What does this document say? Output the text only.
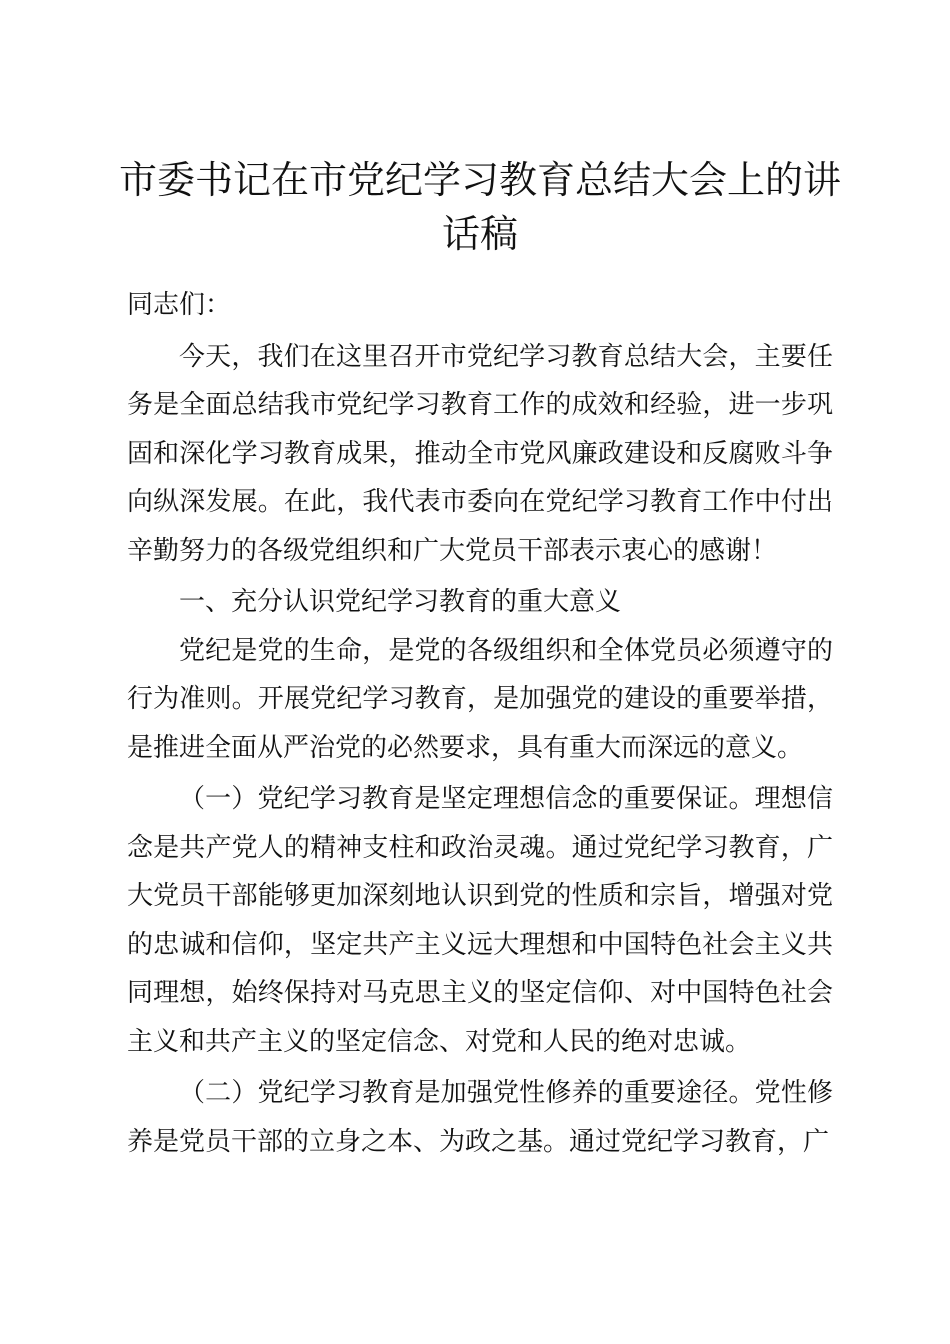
市委书记在市党纪学习教育总结大会上的讲话稿

同志们：

今天，我们在这里召开市党纪学习教育总结大会，主要任务是全面总结我市党纪学习教育工作的成效和经验，进一步巩固和深化学习教育成果，推动全市党风廉政建设和反腐败斗争向纵深发展。在此，我代表市委向在党纪学习教育工作中付出辛勤努力的各级党组织和广大党员干部表示衷心的感谢！

一、充分认识党纪学习教育的重大意义

党纪是党的生命，是党的各级组织和全体党员必须遵守的行为准则。开展党纪学习教育，是加强党的建设的重要举措，是推进全面从严治党的必然要求，具有重大而深远的意义。

（一）党纪学习教育是坚定理想信念的重要保证。理想信念是共产党人的精神支柱和政治灵魂。通过党纪学习教育，广大党员干部能够更加深刻地认识到党的性质和宗旨，增强对党的忠诚和信仰，坚定共产主义远大理想和中国特色社会主义共同理想，始终保持对马克思主义的坚定信仰、对中国特色社会主义和共产主义的坚定信念、对党和人民的绝对忠诚。

（二）党纪学习教育是加强党性修养的重要途径。党性修养是党员干部的立身之本、为政之基。通过党纪学习教育，广
